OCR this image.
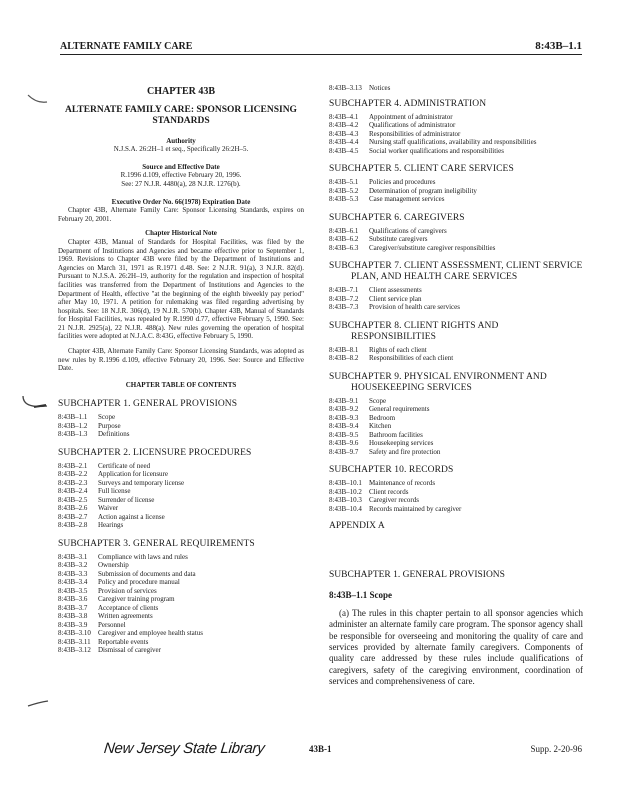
ALTERNATE FAMILY CARE	8:43B–1.1
CHAPTER 43B
ALTERNATE FAMILY CARE: SPONSOR LICENSING STANDARDS
Authority
N.J.S.A. 26:2H–1 et seq., Specifically 26:2H–5.
Source and Effective Date
R.1996 d.109, effective February 20, 1996.
See: 27 N.J.R. 4480(a), 28 N.J.R. 1276(b).
Executive Order No. 66(1978) Expiration Date

Chapter 43B, Alternate Family Care: Sponsor Licensing Standards, expires on February 20, 2001.

Chapter Historical Note

Chapter 43B, Manual of Standards for Hospital Facilities, was filed by the Department of Institutions and Agencies and became effective prior to September 1, 1969. Revisions to Chapter 43B were filed by the Department of Institutions and Agencies on March 31, 1971 as R.1971 d.48. See: 2 N.J.R. 91(a), 3 N.J.R. 82(d). Pursuant to N.J.S.A. 26:2H–19, authority for the regulation and inspection of hospital facilities was transferred from the Department of Institutions and Agencies to the Department of Health, effective "at the beginning of the eighth biweekly pay period" after May 10, 1971. A petition for rulemaking was filed regarding advertising by hospitals. See: 18 N.J.R. 306(d), 19 N.J.R. 570(b). Chapter 43B, Manual of Standards for Hospital Facilities, was repealed by R.1990 d.77, effective February 5, 1990. See: 21 N.J.R. 2925(a), 22 N.J.R. 488(a). New rules governing the operation of hospital facilities were adopted at N.J.A.C. 8:43G, effective February 5, 1990.

Chapter 43B, Alternate Family Care: Sponsor Licensing Standards, was adopted as new rules by R.1996 d.109, effective February 20, 1996. See: Source and Effective Date.

CHAPTER TABLE OF CONTENTS
SUBCHAPTER 1. GENERAL PROVISIONS
8:43B–1.1	Scope
8:43B–1.2	Purpose
8:43B–1.3	Definitions
SUBCHAPTER 2. LICENSURE PROCEDURES
8:43B–2.1	Certificate of need
8:43B–2.2	Application for licensure
8:43B–2.3	Surveys and temporary license
8:43B–2.4	Full license
8:43B–2.5	Surrender of license
8:43B–2.6	Waiver
8:43B–2.7	Action against a license
8:43B–2.8	Hearings
SUBCHAPTER 3. GENERAL REQUIREMENTS
8:43B–3.1	Compliance with laws and rules
8:43B–3.2	Ownership
8:43B–3.3	Submission of documents and data
8:43B–3.4	Policy and procedure manual
8:43B–3.5	Provision of services
8:43B–3.6	Caregiver training program
8:43B–3.7	Acceptance of clients
8:43B–3.8	Written agreements
8:43B–3.9	Personnel
8:43B–3.10	Caregiver and employee health status
8:43B–3.11	Reportable events
8:43B–3.12	Dismissal of caregiver
8:43B–3.13	Notices
SUBCHAPTER 4. ADMINISTRATION
8:43B–4.1	Appointment of administrator
8:43B–4.2	Qualifications of administrator
8:43B–4.3	Responsibilities of administrator
8:43B–4.4	Nursing staff qualifications, availability and responsibilities
8:43B–4.5	Social worker qualifications and responsibilities
SUBCHAPTER 5. CLIENT CARE SERVICES
8:43B–5.1	Policies and procedures
8:43B–5.2	Determination of program ineligibility
8:43B–5.3	Case management services
SUBCHAPTER 6. CAREGIVERS
8:43B–6.1	Qualifications of caregivers
8:43B–6.2	Substitute caregivers
8:43B–6.3	Caregiver/substitute caregiver responsibilties
SUBCHAPTER 7. CLIENT ASSESSMENT, CLIENT SERVICE PLAN, AND HEALTH CARE SERVICES
8:43B–7.1	Client assessments
8:43B–7.2	Client service plan
8:43B–7.3	Provision of health care services
SUBCHAPTER 8. CLIENT RIGHTS AND RESPONSIBILITIES
8:43B–8.1	Rights of each client
8:43B–8.2	Responsibilities of each client
SUBCHAPTER 9. PHYSICAL ENVIRONMENT AND HOUSEKEEPING SERVICES
8:43B–9.1	Scope
8:43B–9.2	General requirements
8:43B–9.3	Bedroom
8:43B–9.4	Kitchen
8:43B–9.5	Bathroom facilities
8:43B–9.6	Housekeeping services
8:43B–9.7	Safety and fire protection
SUBCHAPTER 10. RECORDS
8:43B–10.1	Maintenance of records
8:43B–10.2	Client records
8:43B–10.3	Caregiver records
8:43B–10.4	Records maintained by caregiver
APPENDIX A
SUBCHAPTER 1. GENERAL PROVISIONS
8:43B–1.1 Scope
(a) The rules in this chapter pertain to all sponsor agencies which administer an alternate family care program. The sponsor agency shall be responsible for overseeing and monitoring the quality of care and services provided by alternate family caregivers. Components of quality care addressed by these rules include qualifications of caregivers, safety of the caregiving environment, coordination of services and comprehensiveness of care.
New Jersey State Library	43B-1	Supp. 2-20-96
